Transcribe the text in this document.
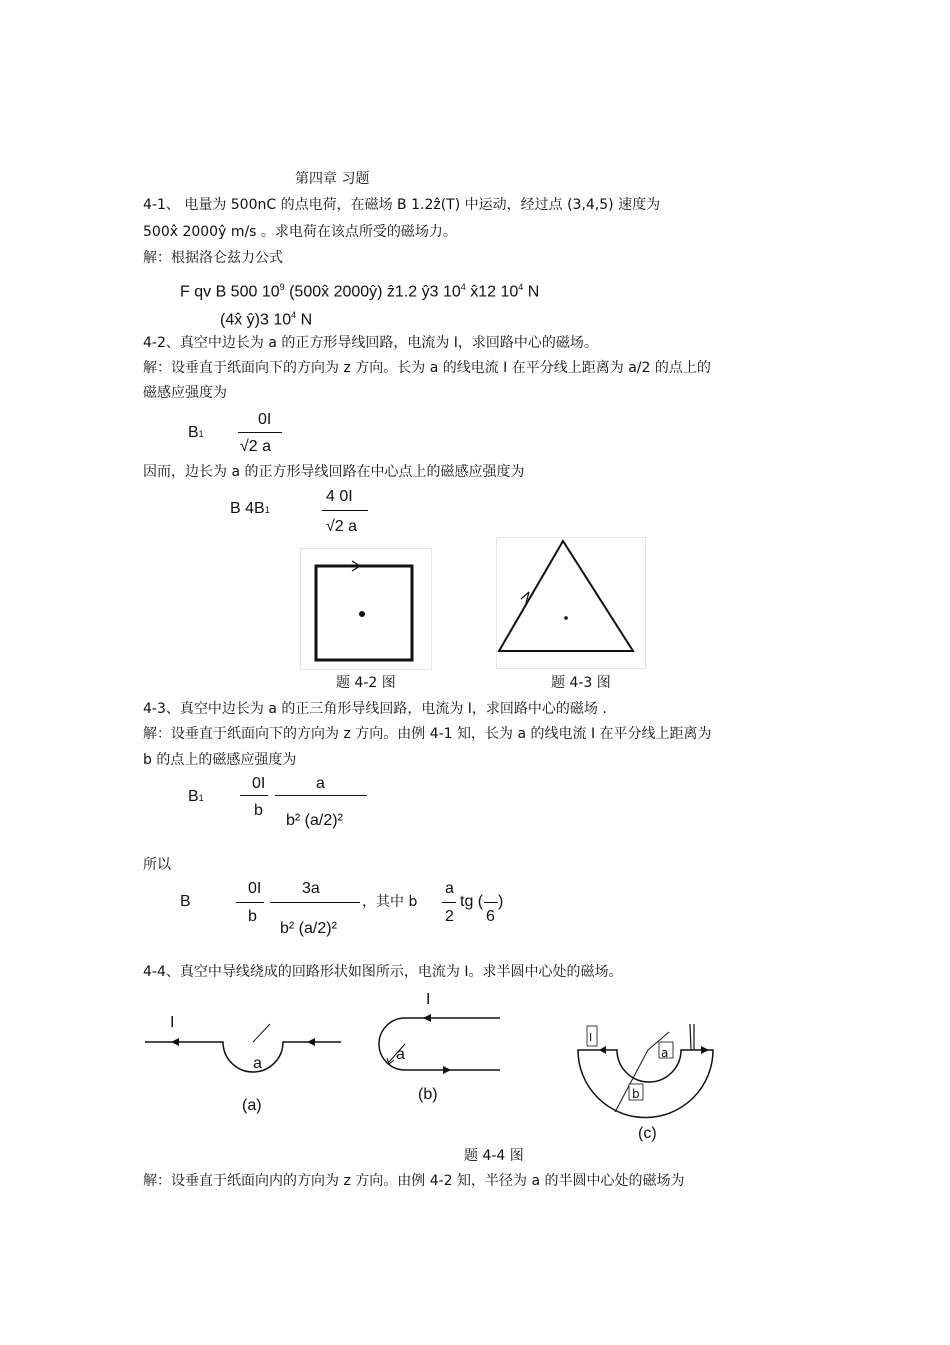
第四章 习题
4-1、 电量为 500nC 的点电荷，在磁场 B 1.2ẑ(T) 中运动，经过点 (3,4,5) 速度为
500x̂ 2000ŷ m/s 。求电荷在该点所受的磁场力。
解：根据洛仑兹力公式
F qv B 500 $10^9$ (500x̂ 2000ŷ) ẑ1.2 ŷ3 $10^4$ x̂12 $10^4$ N
(4x̂ ŷ)3 $10^4$ N
4-2、真空中边长为 a 的正方形导线回路，电流为 I，求回路中心的磁场。
解：设垂直于纸面向下的方向为 z 方向。长为 a 的线电流 I 在平分线上距离为 a/2 的点上的
磁感应强度为
B1
0I
√2 a
因而，边长为 a 的正方形导线回路在中心点上的磁感应强度为
B 4B1
4 0I
√2 a
题 4-2 图	题 4-3 图
4-3、真空中边长为 a 的正三角形导线回路，电流为 I，求回路中心的磁场 .
解：设垂直于纸面向下的方向为 z 方向。由例 4-1 知，长为 a 的线电流 I 在平分线上距离为
b 的点上的磁感应强度为
B1
0I
b
a
b² (a/2)²
所以
B
0I
b
3a
b² (a/2)²
，其中 b
a
2
tg (
6
)
4-4、真空中导线绕成的回路形状如图所示，电流为 I。求半圆中心处的磁场。
I
a
(a)
I
a
(b)
I
a
b
(c)
题 4-4 图
解：设垂直于纸面向内的方向为 z 方向。由例 4-2 知，半径为 a 的半圆中心处的磁场为
